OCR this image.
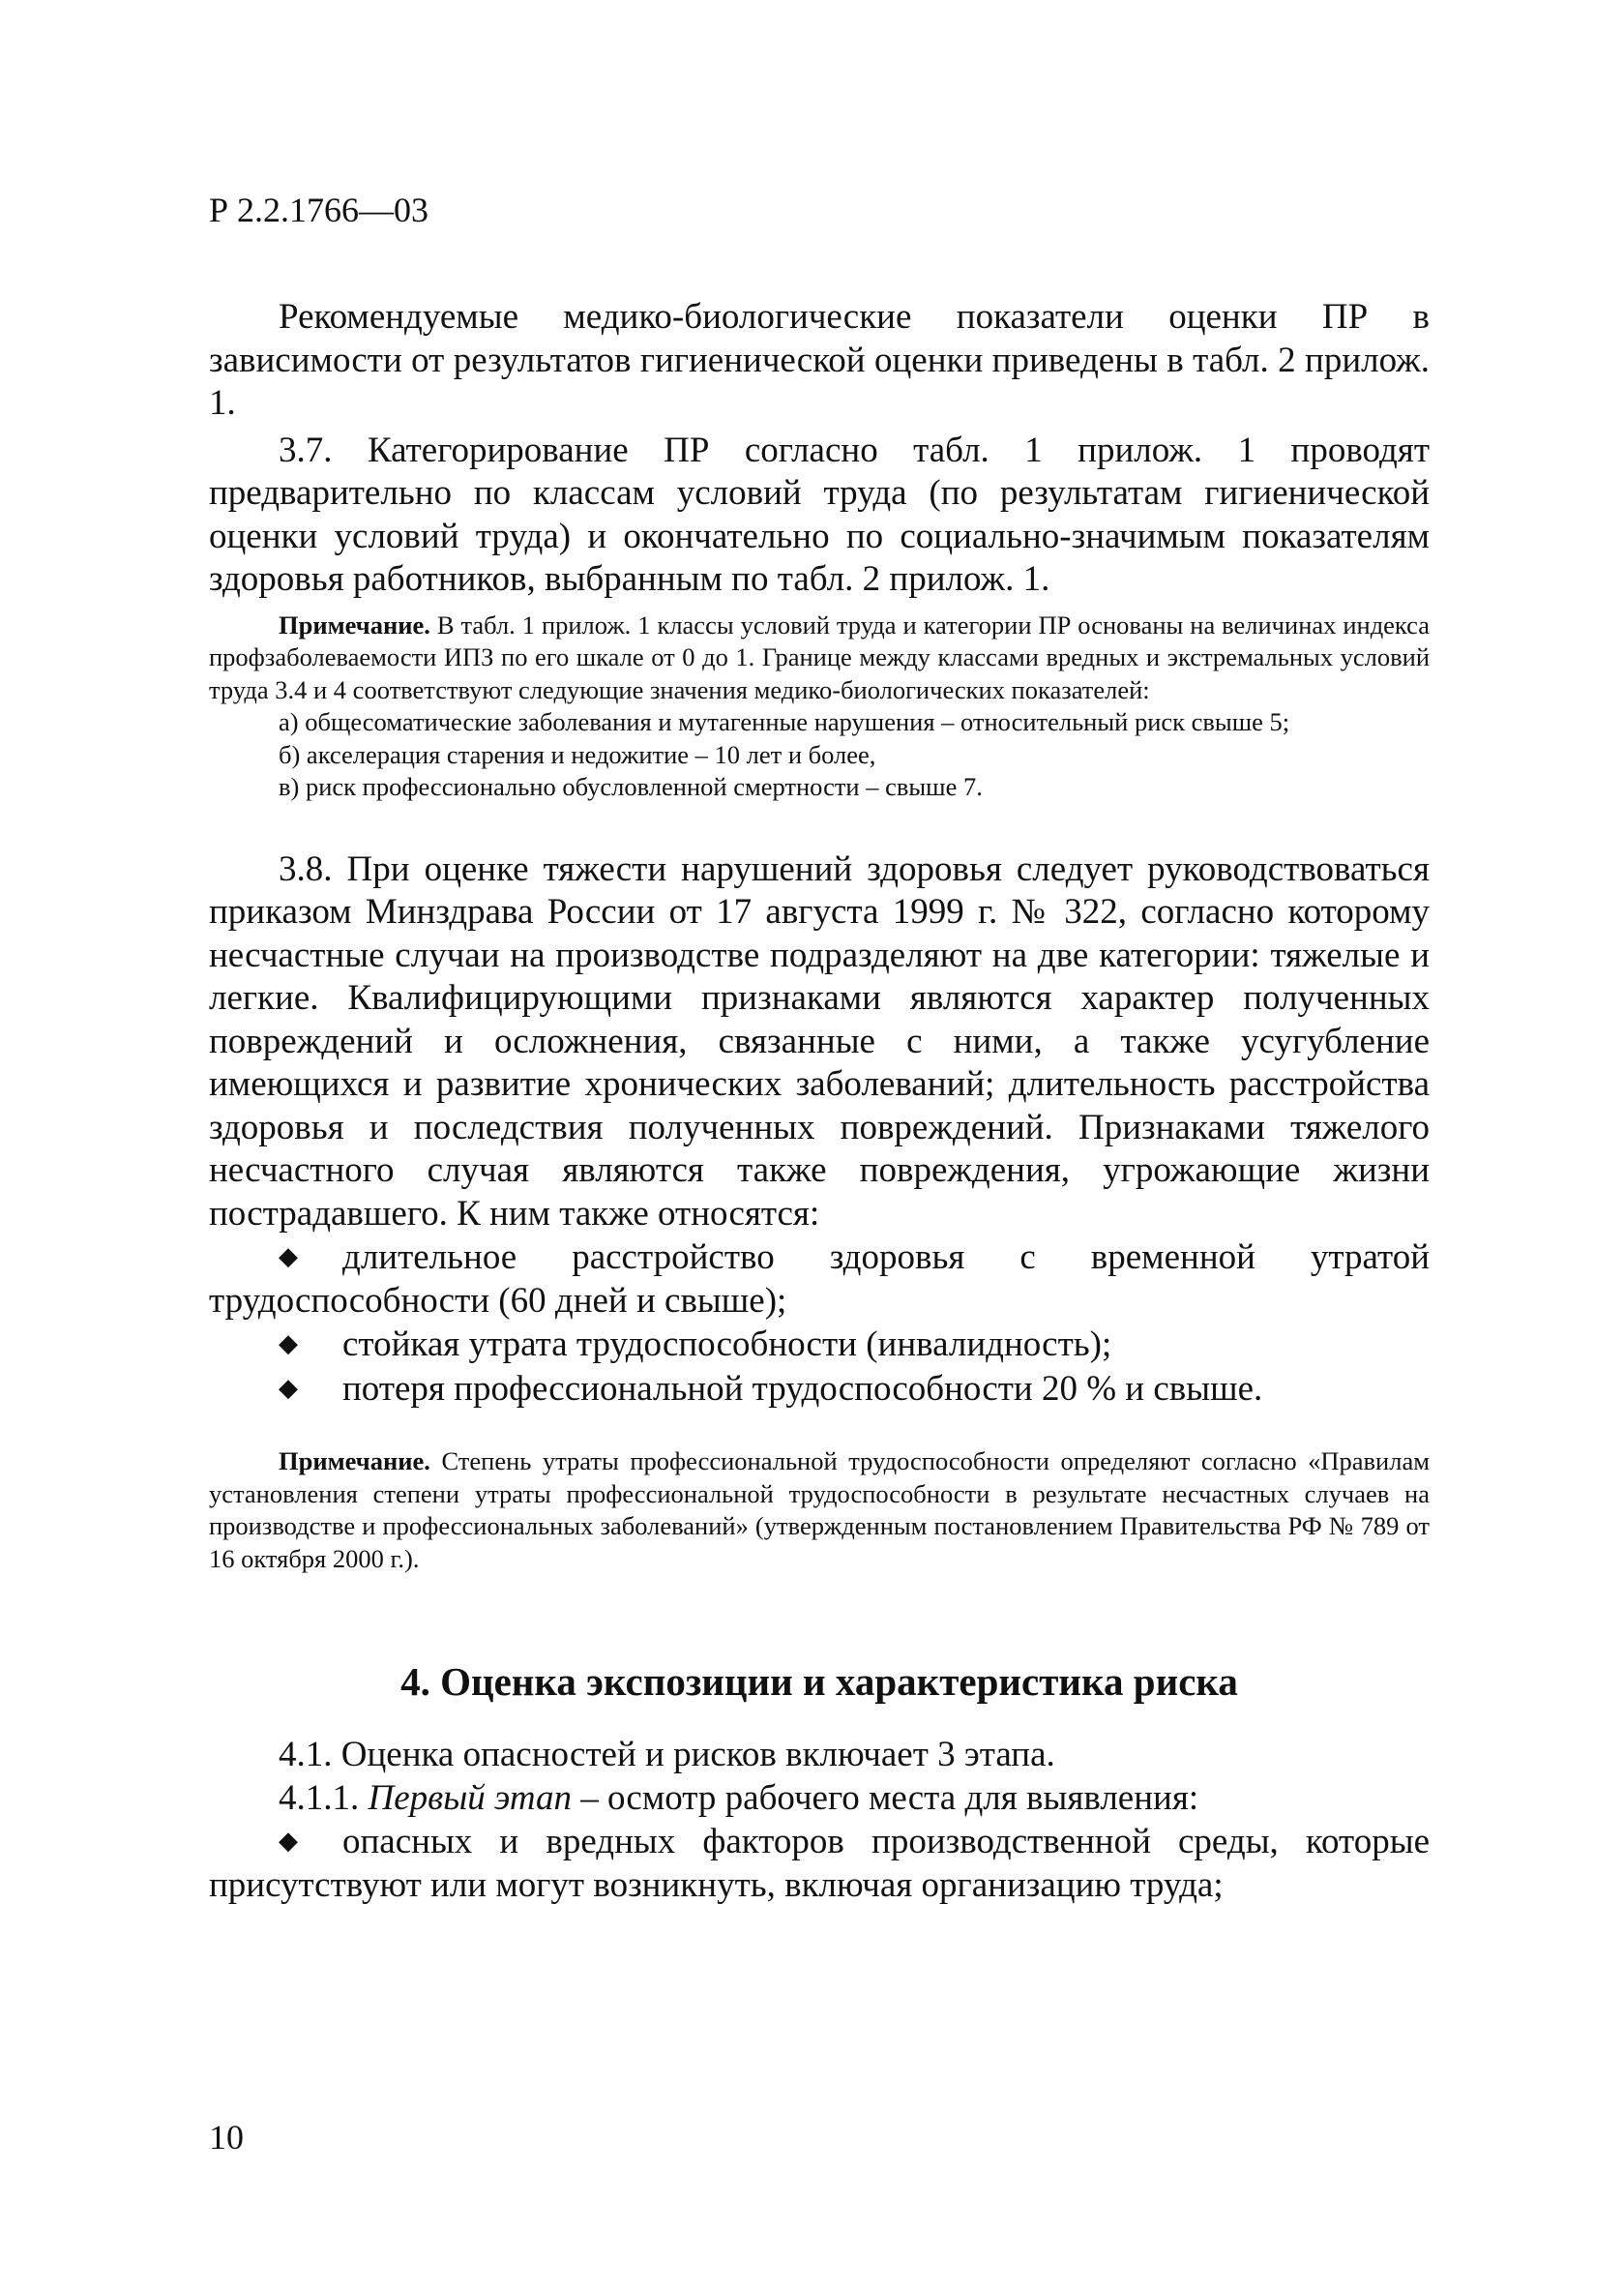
Р 2.2.1766—03

Рекомендуемые медико-биологические показатели оценки ПР в зависимости от результатов гигиенической оценки приведены в табл. 2 прилож. 1.

3.7. Категорирование ПР согласно табл. 1 прилож. 1 проводят предварительно по классам условий труда (по результатам гигиенической оценки условий труда) и окончательно по социально-значимым показателям здоровья работников, выбранным по табл. 2 прилож. 1.

Примечание. В табл. 1 прилож. 1 классы условий труда и категории ПР основаны на величинах индекса профзаболеваемости ИПЗ по его шкале от 0 до 1. Границе между классами вредных и экстремальных условий труда 3.4 и 4 соответствуют следующие значения медико-биологических показателей:

а) общесоматические заболевания и мутагенные нарушения – относительный риск свыше 5;

б) акселерация старения и недожитие – 10 лет и более,

в) риск профессионально обусловленной смертности – свыше 7.

3.8. При оценке тяжести нарушений здоровья следует руководствоваться приказом Минздрава России от 17 августа 1999 г. № 322, согласно которому несчастные случаи на производстве подразделяют на две категории: тяжелые и легкие. Квалифицирующими признаками являются характер полученных повреждений и осложнения, связанные с ними, а также усугубление имеющихся и развитие хронических заболеваний; длительность расстройства здоровья и последствия полученных повреждений. Признаками тяжелого несчастного случая являются также повреждения, угрожающие жизни пострадавшего. К ним также относятся:

◆ длительное расстройство здоровья с временной утратой трудоспособности (60 дней и свыше);

◆ стойкая утрата трудоспособности (инвалидность);

◆ потеря профессиональной трудоспособности 20 % и свыше.

Примечание. Степень утраты профессиональной трудоспособности определяют согласно «Правилам установления степени утраты профессиональной трудоспособности в результате несчастных случаев на производстве и профессиональных заболеваний» (утвержденным постановлением Правительства РФ № 789 от 16 октября 2000 г.).

4. Оценка экспозиции и характеристика риска

4.1. Оценка опасностей и рисков включает 3 этапа.

4.1.1. Первый этап – осмотр рабочего места для выявления:

◆ опасных и вредных факторов производственной среды, которые присутствуют или могут возникнуть, включая организацию труда;

10
